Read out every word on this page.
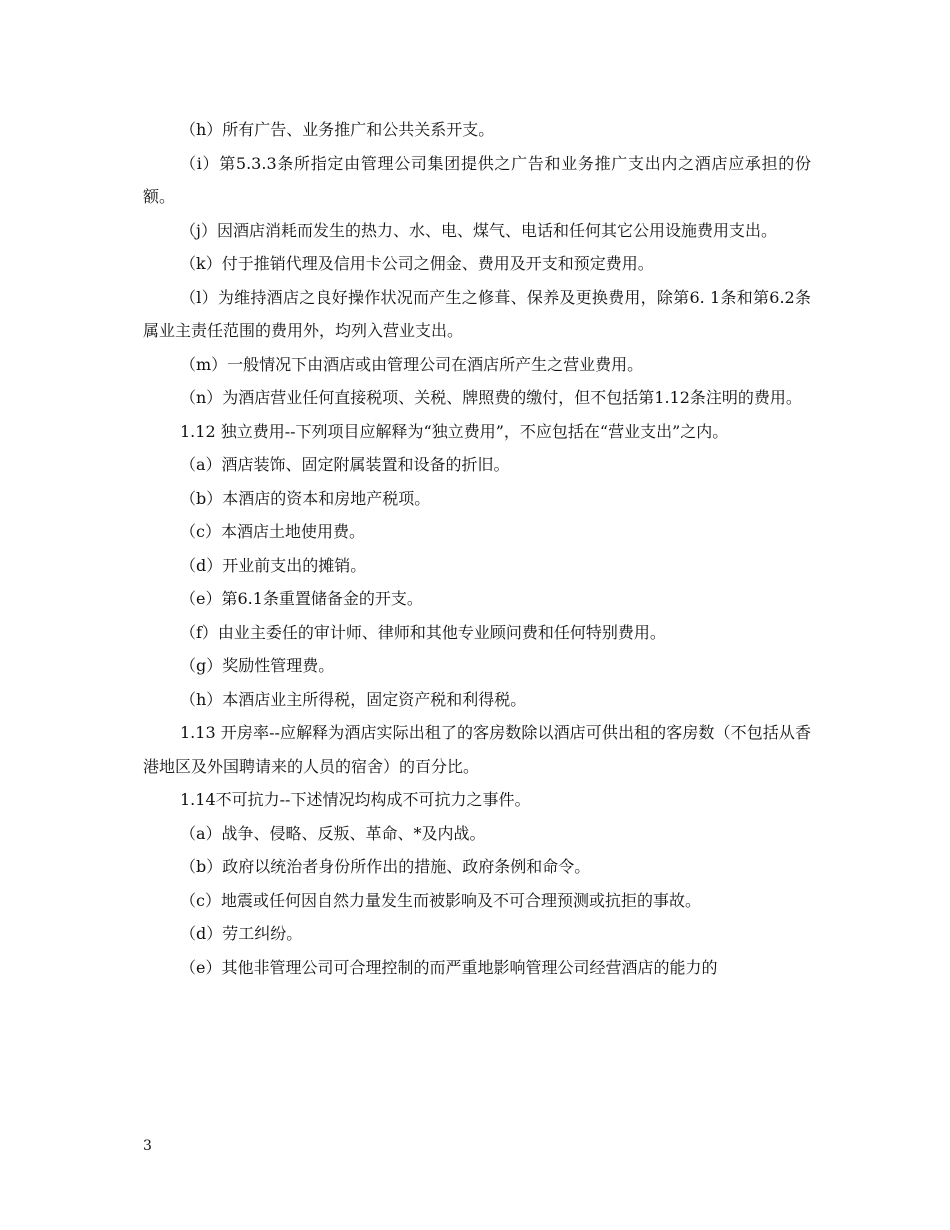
（h）所有广告、业务推广和公共关系开支。

（i）第5.3.3条所指定由管理公司集团提供之广告和业务推广支出内之酒店应承担的份额。

（j）因酒店消耗而发生的热力、水、电、煤气、电话和任何其它公用设施费用支出。

（k）付于推销代理及信用卡公司之佣金、费用及开支和预定费用。

（l）为维持酒店之良好操作状况而产生之修葺、保养及更换费用，除第6. 1条和第6.2条属业主责任范围的费用外，均列入营业支出。

（m）一般情况下由酒店或由管理公司在酒店所产生之营业费用。

（n）为酒店营业任何直接税项、关税、牌照费的缴付，但不包括第1.12条注明的费用。

1.12 独立费用--下列项目应解释为“独立费用”，不应包括在“营业支出”之内。

（a）酒店装饰、固定附属装置和设备的折旧。

（b）本酒店的资本和房地产税项。

（c）本酒店土地使用费。

（d）开业前支出的摊销。

（e）第6.1条重置储备金的开支。

（f）由业主委任的审计师、律师和其他专业顾问费和任何特别费用。

（g）奖励性管理费。

（h）本酒店业主所得税，固定资产税和利得税。

1.13 开房率--应解释为酒店实际出租了的客房数除以酒店可供出租的客房数（不包括从香港地区及外国聘请来的人员的宿舍）的百分比。

1.14不可抗力--下述情况均构成不可抗力之事件。

（a）战争、侵略、反叛、革命、*及内战。

（b）政府以统治者身份所作出的措施、政府条例和命令。

（c）地震或任何因自然力量发生而被影响及不可合理预测或抗拒的事故。

（d）劳工纠纷。

（e）其他非管理公司可合理控制的而严重地影响管理公司经营酒店的能力的

3
